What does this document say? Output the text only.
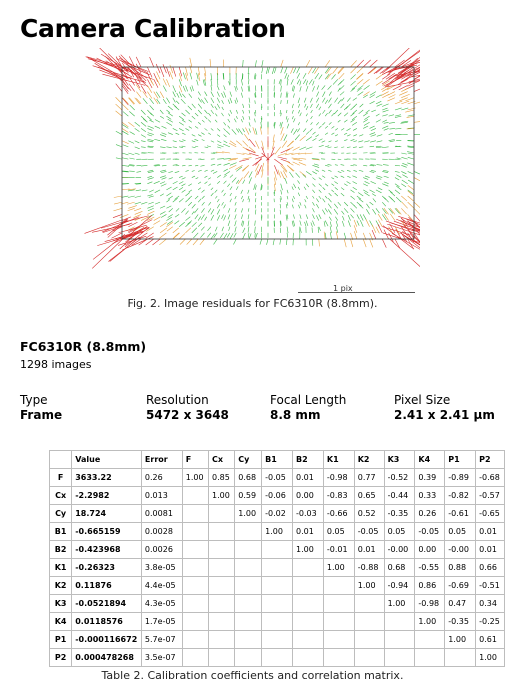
Camera Calibration
1 pix
Fig. 2. Image residuals for FC6310R (8.8mm).
FC6310R (8.8mm)
1298 images
Type
Frame
Resolution
5472 x 3648
Focal Length
8.8 mm
Pixel Size
2.41 x 2.41 μm
	Value	Error	F	Cx	Cy	B1	B2	K1	K2	K3	K4	P1	P2
F	3633.22	0.26	1.00	0.85	0.68	-0.05	0.01	-0.98	0.77	-0.52	0.39	-0.89	-0.68
Cx	-2.2982	0.013		1.00	0.59	-0.06	0.00	-0.83	0.65	-0.44	0.33	-0.82	-0.57
Cy	18.724	0.0081			1.00	-0.02	-0.03	-0.66	0.52	-0.35	0.26	-0.61	-0.65
B1	-0.665159	0.0028				1.00	0.01	0.05	-0.05	0.05	-0.05	0.05	0.01
B2	-0.423968	0.0026					1.00	-0.01	0.01	-0.00	0.00	-0.00	0.01
K1	-0.26323	3.8e-05						1.00	-0.88	0.68	-0.55	0.88	0.66
K2	0.11876	4.4e-05							1.00	-0.94	0.86	-0.69	-0.51
K3	-0.0521894	4.3e-05								1.00	-0.98	0.47	0.34
K4	0.0118576	1.7e-05									1.00	-0.35	-0.25
P1	-0.000116672	5.7e-07										1.00	0.61
P2	0.000478268	3.5e-07											1.00
Table 2. Calibration coefficients and correlation matrix.
